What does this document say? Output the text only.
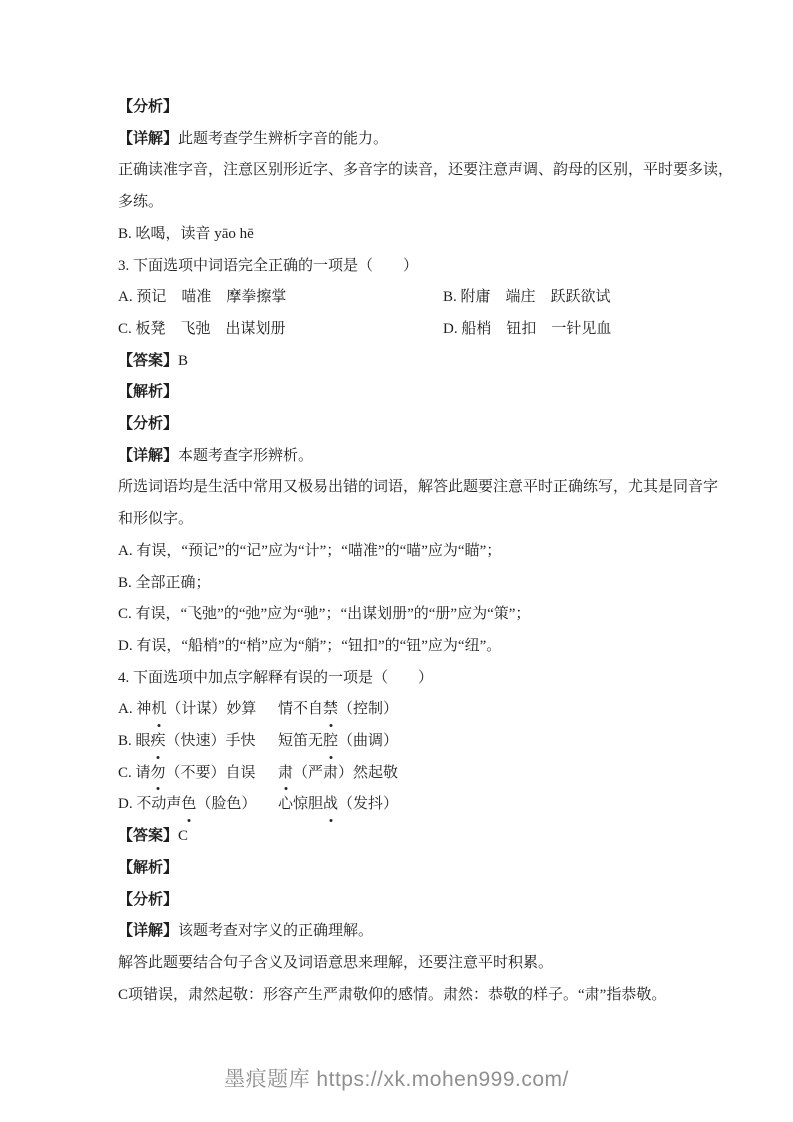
【分析】

【详解】此题考查学生辨析字音的能力。

正确读准字音，注意区别形近字、多音字的读音，还要注意声调、韵母的区别，平时要多读，

多练。

B. 吆喝，读音 yāo hē

3. 下面选项中词语完全正确的一项是（　　）

A. 预记　喵准　摩拳擦掌	B. 附庸　端庄　跃跃欲试

C. 板凳　飞弛　出谋划册	D. 船梢　钮扣　一针见血

【答案】B

【解析】

【分析】

【详解】本题考查字形辨析。

所选词语均是生活中常用又极易出错的词语，解答此题要注意平时正确练写，尤其是同音字

和形似字。

A. 有误，“预记”的“记”应为“计”；“喵准”的“喵”应为“瞄”；

B. 全部正确；

C. 有误，“飞弛”的“弛”应为“驰”；“出谋划册”的“册”应为“策”；

D. 有误，“船梢”的“梢”应为“艄”；“钮扣”的“钮”应为“纽”。

4. 下面选项中加点字解释有误的一项是（　　）

A. 神机（计谋）妙算 情不自禁（控制）

B. 眼疾（快速）手快 短笛无腔（曲调）

C. 请勿（不要）自误 肃（严肃）然起敬

D. 不动声色（脸色） 心惊胆战（发抖）

【答案】C

【解析】

【分析】

【详解】该题考查对字义的正确理解。

解答此题要结合句子含义及词语意思来理解，还要注意平时积累。

C项错误，肃然起敬：形容产生严肃敬仰的感情。肃然：恭敬的样子。“肃”指恭敬。

墨痕题库 https://xk.mohen999.com/
